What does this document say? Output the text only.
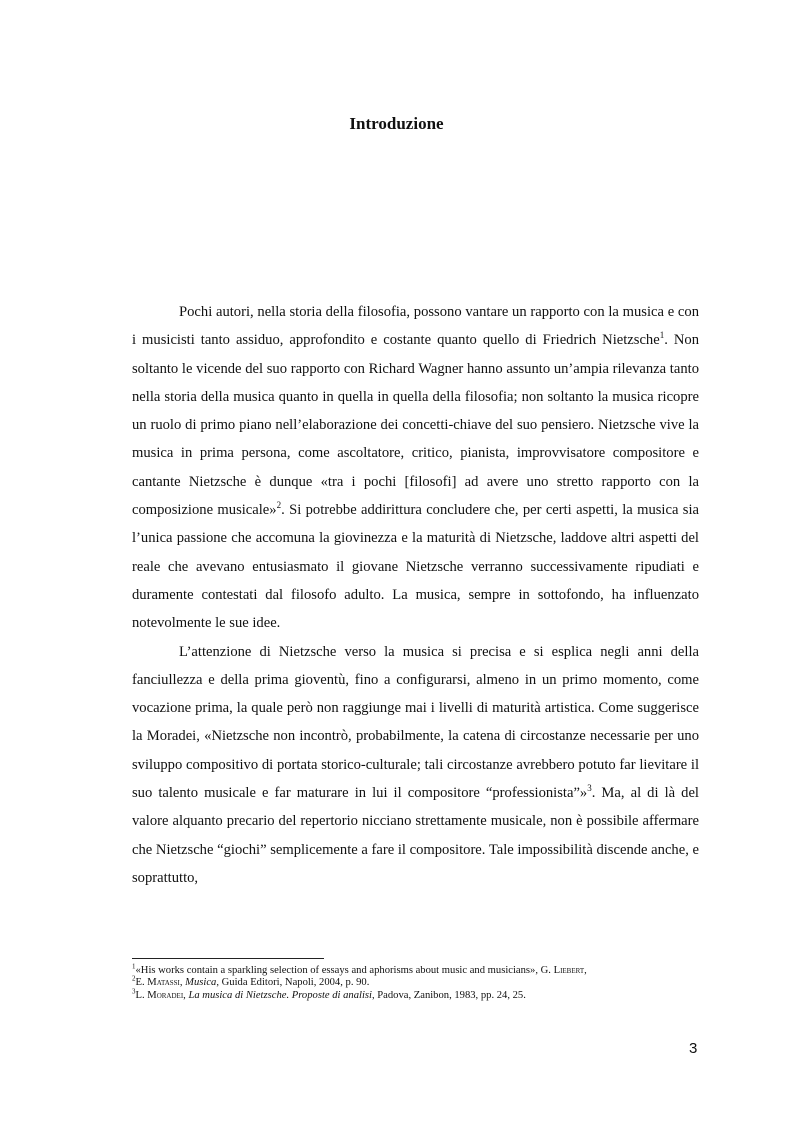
Introduzione

Pochi autori, nella storia della filosofia, possono vantare un rapporto con la musica e con i musicisti tanto assiduo, approfondito e costante quanto quello di Friedrich Nietzsche$^1$. Non soltanto le vicende del suo rapporto con Richard Wagner hanno assunto un’ampia rilevanza tanto nella storia della musica quanto in quella in quella della filosofia; non soltanto la musica ricopre un ruolo di primo piano nell’elaborazione dei concetti-chiave del suo pensiero. Nietzsche vive la musica in prima persona, come ascoltatore, critico, pianista, improvvisatore compositore e cantante Nietzsche è dunque «tra i pochi [filosofi] ad avere uno stretto rapporto con la composizione musicale»$^2$. Si potrebbe addirittura concludere che, per certi aspetti, la musica sia l’unica passione che accomuna la giovinezza e la maturità di Nietzsche, laddove altri aspetti del reale che avevano entusiasmato il giovane Nietzsche verranno successivamente ripudiati e duramente contestati dal filosofo adulto. La musica, sempre in sottofondo, ha influenzato notevolmente le sue idee.

L’attenzione di Nietzsche verso la musica si precisa e si esplica negli anni della fanciullezza e della prima gioventù, fino a configurarsi, almeno in un primo momento, come vocazione prima, la quale però non raggiunge mai i livelli di maturità artistica. Come suggerisce la Moradei, «Nietzsche non incontrò, probabilmente, la catena di circostanze necessarie per uno sviluppo compositivo di portata storico-culturale; tali circostanze avrebbero potuto far lievitare il suo talento musicale e far maturare in lui il compositore “professionista”»$^3$. Ma, al di là del valore alquanto precario del repertorio nicciano strettamente musicale, non è possibile affermare che Nietzsche “giochi” semplicemente a fare il compositore. Tale impossibilità discende anche, e soprattutto,

$^1$«His works contain a sparkling selection of essays and aphorisms about music and musicians», G. Liebert,

$^2$E. Matassi, Musica, Guida Editori, Napoli, 2004, p. 90.

$^3$L. Moradei, La musica di Nietzsche. Proposte di analisi, Padova, Zanibon, 1983, pp. 24, 25.

3
